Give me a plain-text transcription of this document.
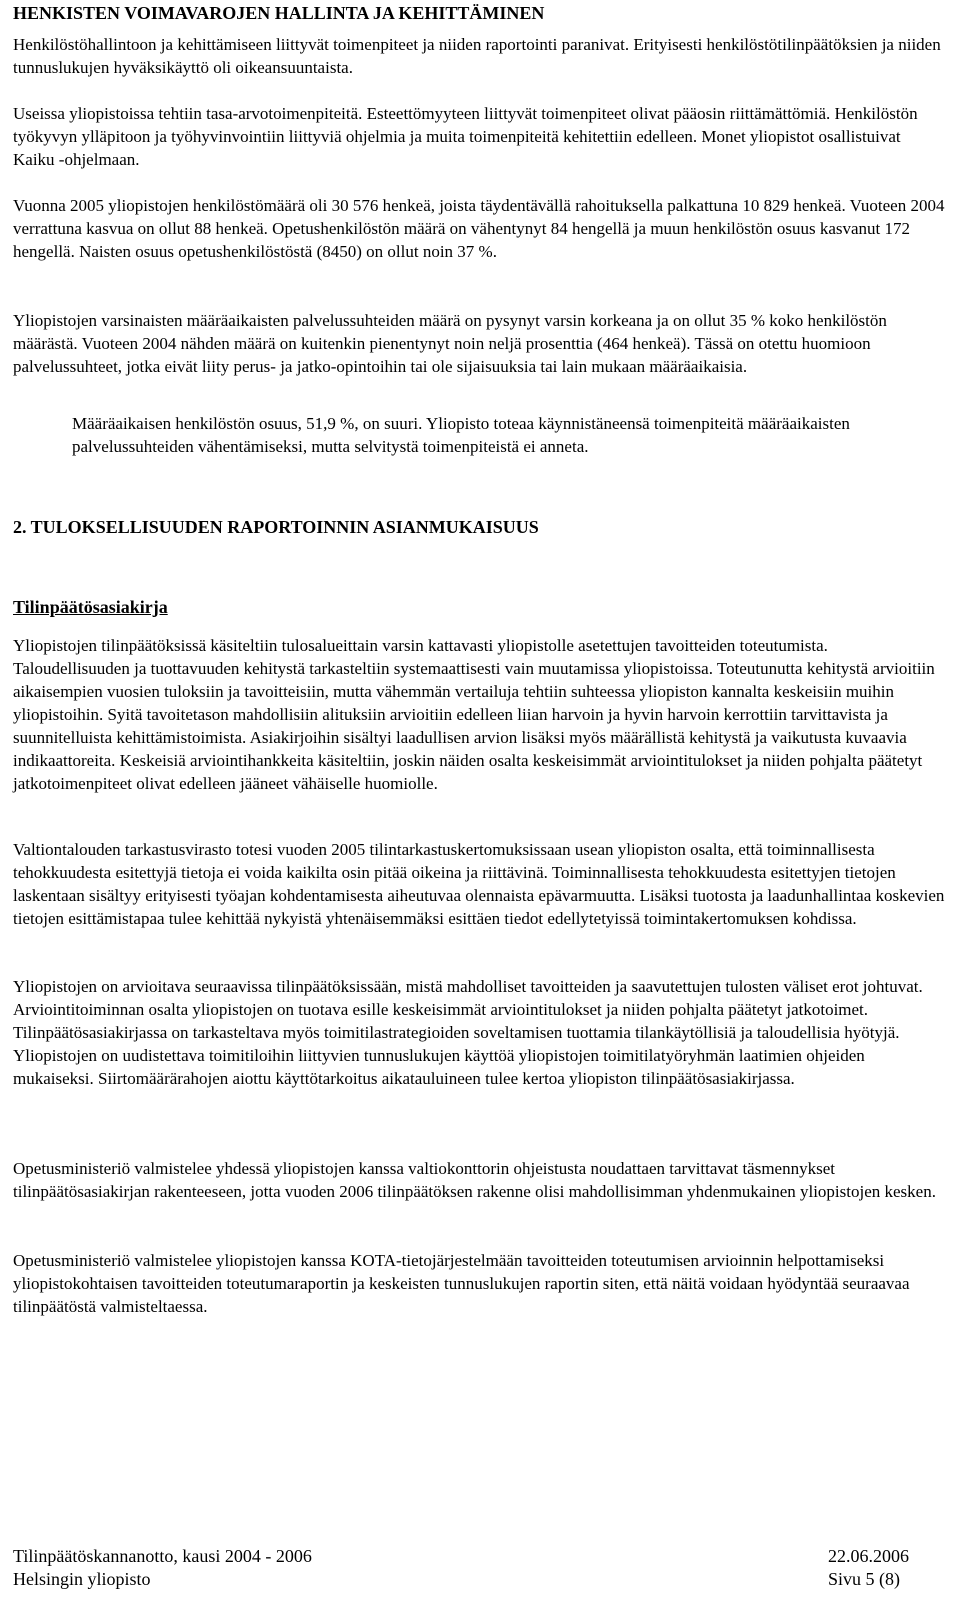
HENKISTEN VOIMAVAROJEN HALLINTA JA KEHITTÄMINEN

Henkilöstöhallintoon ja kehittämiseen liittyvät toimenpiteet ja niiden raportointi paranivat. Erityisesti henkilöstötilinpäätöksien ja niiden tunnuslukujen hyväksikäyttö oli oikeansuuntaista.

Useissa yliopistoissa tehtiin tasa-arvotoimenpiteitä. Esteettömyyteen liittyvät toimenpiteet olivat pääosin riittämättömiä. Henkilöstön työkyvyn ylläpitoon ja työhyvinvointiin liittyviä ohjelmia ja muita toimenpiteitä kehitettiin edelleen. Monet yliopistot osallistuivat Kaiku -ohjelmaan.

Vuonna 2005 yliopistojen henkilöstömäärä oli 30 576 henkeä, joista täydentävällä rahoituksella palkattuna 10 829 henkeä. Vuoteen 2004 verrattuna kasvua on ollut 88 henkeä. Opetushenkilöstön määrä on vähentynyt 84 hengellä ja muun henkilöstön osuus kasvanut 172 hengellä. Naisten osuus opetushenkilöstöstä (8450) on ollut noin 37 %.

Yliopistojen varsinaisten määräaikaisten palvelussuhteiden määrä on pysynyt varsin korkeana ja on ollut 35 % koko henkilöstön määrästä. Vuoteen 2004 nähden määrä on kuitenkin pienentynyt noin neljä prosenttia (464 henkeä). Tässä on otettu huomioon palvelussuhteet, jotka eivät liity perus- ja jatko-opintoihin tai ole sijaisuuksia tai lain mukaan määräaikaisia.

Määräaikaisen henkilöstön osuus, 51,9 %, on suuri. Yliopisto toteaa käynnistäneensä toimenpiteitä määräaikaisten palvelussuhteiden vähentämiseksi, mutta selvitystä toimenpiteistä ei anneta.

2. TULOKSELLISUUDEN RAPORTOINNIN ASIANMUKAISUUS
Tilinpäätösasiakirja

Yliopistojen tilinpäätöksissä käsiteltiin tulosalueittain varsin kattavasti yliopistolle asetettujen tavoitteiden toteutumista. Taloudellisuuden ja tuottavuuden kehitystä tarkasteltiin systemaattisesti vain muutamissa yliopistoissa. Toteutunutta kehitystä arvioitiin aikaisempien vuosien tuloksiin ja tavoitteisiin, mutta vähemmän vertailuja tehtiin suhteessa yliopiston kannalta keskeisiin muihin yliopistoihin. Syitä tavoitetason mahdollisiin alituksiin arvioitiin edelleen liian harvoin ja hyvin harvoin kerrottiin tarvittavista ja suunnitelluista kehittämistoimista. Asiakirjoihin sisältyi laadullisen arvion lisäksi myös määrällistä kehitystä ja vaikutusta kuvaavia indikaattoreita. Keskeisiä arviointihankkeita käsiteltiin, joskin näiden osalta keskeisimmät arviointitulokset ja niiden pohjalta päätetyt jatkotoimenpiteet olivat edelleen jääneet vähäiselle huomiolle.

Valtiontalouden tarkastusvirasto totesi vuoden 2005 tilintarkastuskertomuksissaan usean yliopiston osalta, että toiminnallisesta tehokkuudesta esitettyjä tietoja ei voida kaikilta osin pitää oikeina ja riittävinä. Toiminnallisesta tehokkuudesta esitettyjen tietojen laskentaan sisältyy erityisesti työajan kohdentamisesta aiheutuvaa olennaista epävarmuutta. Lisäksi tuotosta ja laadunhallintaa koskevien tietojen esittämistapaa tulee kehittää nykyistä yhtenäisemmäksi esittäen tiedot edellytetyissä toimintakertomuksen kohdissa.

Yliopistojen on arvioitava seuraavissa tilinpäätöksissään, mistä mahdolliset tavoitteiden ja saavutettujen tulosten väliset erot johtuvat. Arviointitoiminnan osalta yliopistojen on tuotava esille keskeisimmät arviointitulokset ja niiden pohjalta päätetyt jatkotoimet. Tilinpäätösasiakirjassa on tarkasteltava myös toimitilastrategioiden soveltamisen tuottamia tilankäytöllisiä ja taloudellisia hyötyjä. Yliopistojen on uudistettava toimitiloihin liittyvien tunnuslukujen käyttöä yliopistojen toimitilatyöryhmän laatimien ohjeiden mukaiseksi. Siirtomäärärahojen aiottu käyttötarkoitus aikatauluineen tulee kertoa yliopiston tilinpäätösasiakirjassa.

Opetusministeriö valmistelee yhdessä yliopistojen kanssa valtiokonttorin ohjeistusta noudattaen tarvittavat täsmennykset tilinpäätösasiakirjan rakenteeseen, jotta vuoden 2006 tilinpäätöksen rakenne olisi mahdollisimman yhdenmukainen yliopistojen kesken.

Opetusministeriö valmistelee yliopistojen kanssa KOTA-tietojärjestelmään tavoitteiden toteutumisen arvioinnin helpottamiseksi yliopistokohtaisen tavoitteiden toteutumaraportin ja keskeisten tunnuslukujen raportin siten, että näitä voidaan hyödyntää seuraavaa tilinpäätöstä valmisteltaessa.

Tilinpäätöskannanotto, kausi 2004 - 2006
Helsingin yliopisto
22.06.2006
Sivu 5 (8)
